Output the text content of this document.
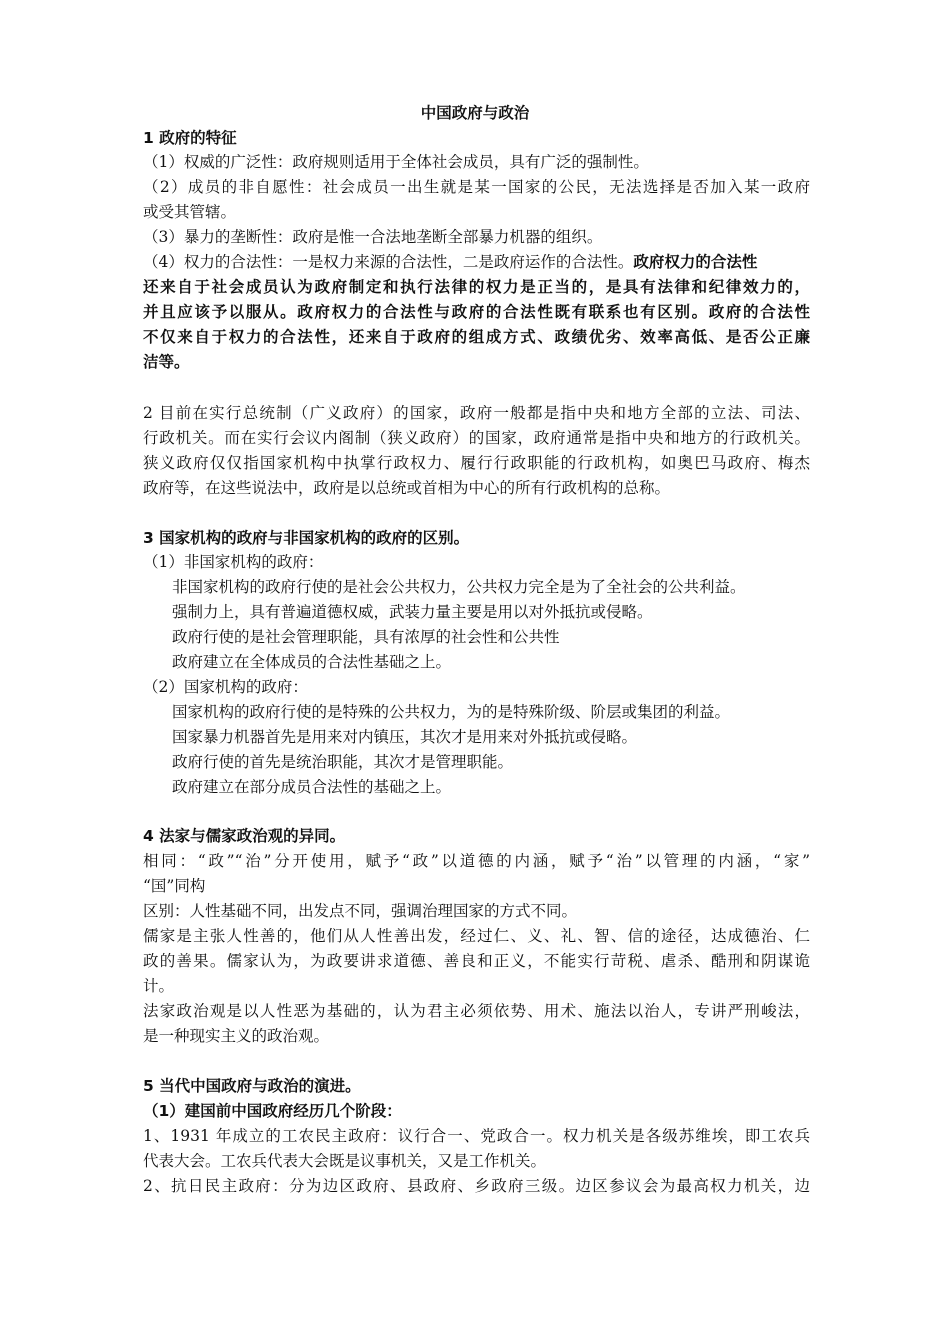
中国政府与政治
1 政府的特征
（1）权威的广泛性：政府规则适用于全体社会成员，具有广泛的强制性。
（2）成员的非自愿性：社会成员一出生就是某一国家的公民，无法选择是否加入某一政府
或受其管辖。
（3）暴力的垄断性：政府是惟一合法地垄断全部暴力机器的组织。
（4）权力的合法性：一是权力来源的合法性，二是政府运作的合法性。政府权力的合法性
还来自于社会成员认为政府制定和执行法律的权力是正当的，是具有法律和纪律效力的，
并且应该予以服从。政府权力的合法性与政府的合法性既有联系也有区别。政府的合法性
不仅来自于权力的合法性，还来自于政府的组成方式、政绩优劣、效率高低、是否公正廉
洁等。
2 目前在实行总统制（广义政府）的国家，政府一般都是指中央和地方全部的立法、司法、
行政机关。而在实行会议内阁制（狭义政府）的国家，政府通常是指中央和地方的行政机关。
狭义政府仅仅指国家机构中执掌行政权力、履行行政职能的行政机构，如奥巴马政府、梅杰
政府等，在这些说法中，政府是以总统或首相为中心的所有行政机构的总称。
3 国家机构的政府与非国家机构的政府的区别。
（1）非国家机构的政府：
非国家机构的政府行使的是社会公共权力，公共权力完全是为了全社会的公共利益。
强制力上，具有普遍道德权威，武装力量主要是用以对外抵抗或侵略。
政府行使的是社会管理职能，具有浓厚的社会性和公共性
政府建立在全体成员的合法性基础之上。
（2）国家机构的政府：
国家机构的政府行使的是特殊的公共权力，为的是特殊阶级、阶层或集团的利益。
国家暴力机器首先是用来对内镇压，其次才是用来对外抵抗或侵略。
政府行使的首先是统治职能，其次才是管理职能。
政府建立在部分成员合法性的基础之上。
4 法家与儒家政治观的异同。
相同：“政”“治”分开使用，赋予“政”以道德的内涵，赋予“治”以管理的内涵，“家”
“国”同构
区别：人性基础不同，出发点不同，强调治理国家的方式不同。
儒家是主张人性善的，他们从人性善出发，经过仁、义、礼、智、信的途径，达成德治、仁
政的善果。儒家认为，为政要讲求道德、善良和正义，不能实行苛税、虐杀、酷刑和阴谋诡
计。
法家政治观是以人性恶为基础的，认为君主必须依势、用术、施法以治人，专讲严刑峻法，
是一种现实主义的政治观。
5 当代中国政府与政治的演进。
（1）建国前中国政府经历几个阶段：
1、1931 年成立的工农民主政府：议行合一、党政合一。权力机关是各级苏维埃，即工农兵
代表大会。工农兵代表大会既是议事机关，又是工作机关。
2、抗日民主政府：分为边区政府、县政府、乡政府三级。边区参议会为最高权力机关，边
